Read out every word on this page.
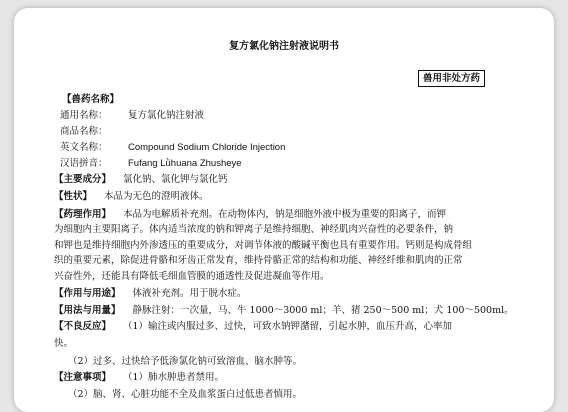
复方氯化钠注射液说明书
兽用非处方药
【兽药名称】
通用名称： 复方氯化钠注射液
商品名称：
英文名称： Compound Sodium Chloride Injection
汉语拼音： Fufang Lǜhuana Zhusheye
【主要成分】 氯化钠、氯化钾与氯化钙
【性状】 本品为无色的澄明液体。
【药理作用】 本品为电解质补充剂。在动物体内，钠是细胞外液中极为重要的阳离子，而钾
为细胞内主要阳离子。体内适当浓度的钠和钾离子是维持细胞、神经肌肉兴奋性的必要条件，钠
和钾也是维持细胞内外渗透压的重要成分，对调节体液的酸碱平衡也具有重要作用。钙则是构成骨组
织的重要元素，除促进骨骼和牙齿正常发育，维持骨骼正常的结构和功能、神经纤维和肌肉的正常
兴奋性外，还能具有降低毛细血管膜的通透性及促进凝血等作用。
【作用与用途】 体液补充剂。用于脱水症。
【用法与用量】 静脉注射：一次量，马、牛 1000～3000 ml；羊、猪 250～500 ml；犬 100～500ml。
【不良反应】 （1）输注或内服过多、过快，可致水钠钾潴留，引起水肿，血压升高，心率加
快。
（2）过多、过快给予低渗氯化钠可致溶血、脑水肿等。
【注意事项】 （1）肺水肿患者禁用。
（2）脑、肾、心脏功能不全及血浆蛋白过低患者慎用。
